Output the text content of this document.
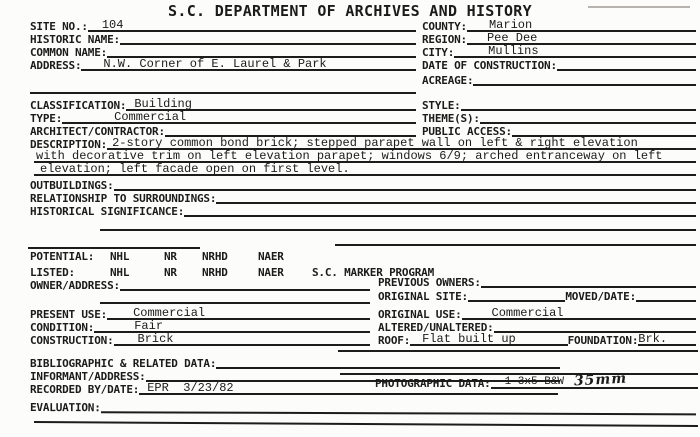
S.C. DEPARTMENT OF ARCHIVES AND HISTORY
SITE NO.: 104	COUNTY: Marion
HISTORIC NAME:	REGION: Pee Dee
COMMON NAME:	CITY:	Mullins
ADDRESS: N.W. Corner of E. Laurel & Park	DATE OF CONSTRUCTION:
ACREAGE:
CLASSIFICATION: Building	STYLE:
TYPE:	Commercial	THEME(S):
ARCHITECT/CONTRACTOR:	PUBLIC ACCESS:
DESCRIPTION: 2-story common bond brick; stepped parapet wall on left & right elevation
with decorative trim on left elevation parapet; windows 6/9; arched entranceway on left
elevation; left facade open on first level.
OUTBUILDINGS:
RELATIONSHIP TO SURROUNDINGS:
HISTORICAL SIGNIFICANCE:
POTENTIAL: NHL	NR NRHD	NAER
LISTED:	NHL	NR NRHD	NAER	S.C. MARKER PROGRAM
OWNER/ADDRESS:	PREVIOUS OWNERS:
ORIGINAL SITE:	MOVED/DATE:
PRESENT USE: Commercial	ORIGINAL USE:	Commercial
CONDITION:	Fair	ALTERED/UNALTERED:
CONSTRUCTION: Brick	ROOF: Flat built up	FOUNDATION: Brk.
BIBLIOGRAPHIC & RELATED DATA:
INFORMANT/ADDRESS:
PHOTOGRAPHIC DATA: 1 3x5 B&W 35mm
RECORDED BY/DATE: EPR  3/23/82
EVALUATION:
